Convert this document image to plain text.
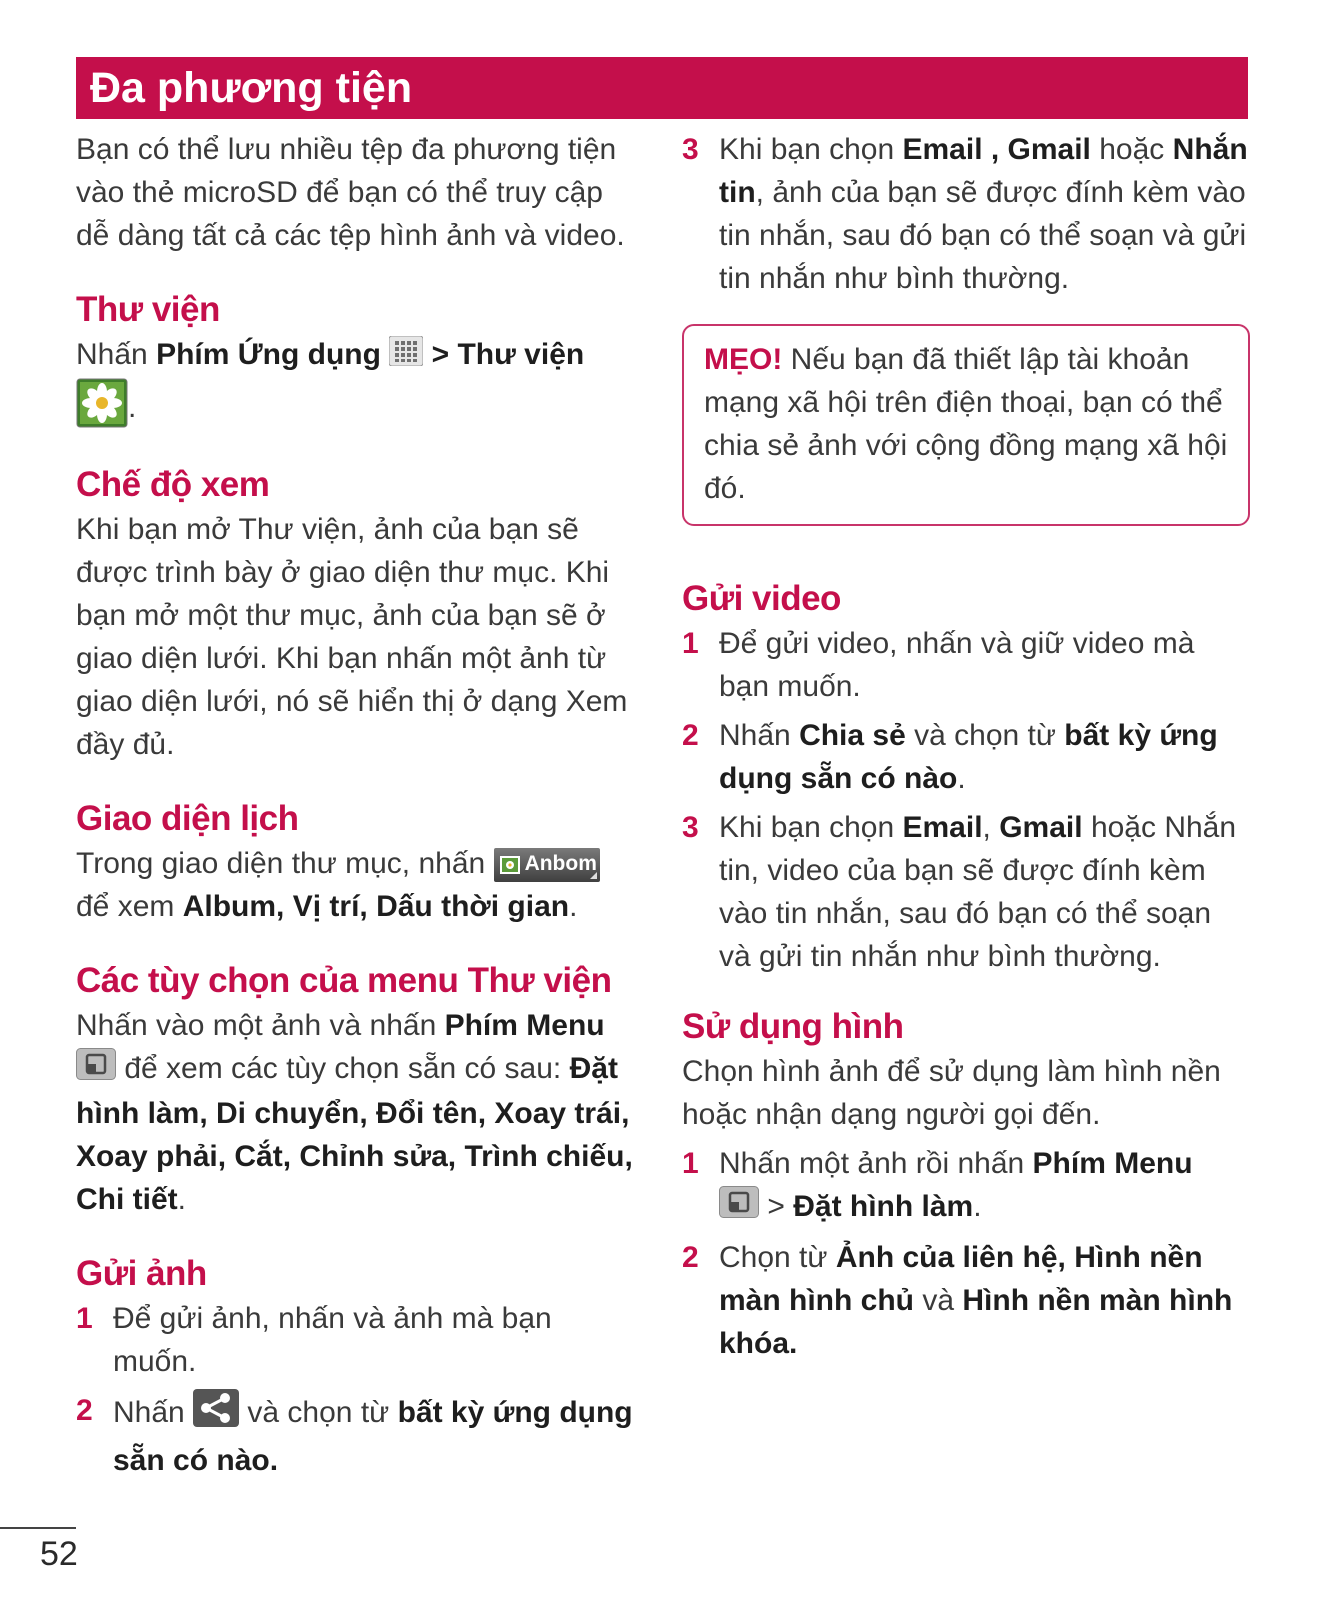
Đa phương tiện

Bạn có thể lưu nhiều tệp đa phương tiện vào thẻ microSD để bạn có thể truy cập dễ dàng tất cả các tệp hình ảnh và video.

Thư viện

Nhấn Phím Ứng dụng > Thư viện
.

Chế độ xem

Khi bạn mở Thư viện, ảnh của bạn sẽ được trình bày ở giao diện thư mục. Khi bạn mở một thư mục, ảnh của bạn sẽ ở giao diện lưới. Khi bạn nhấn một ảnh từ giao diện lưới, nó sẽ hiển thị ở dạng Xem đầy đủ.

Giao diện lịch

Trong giao diện thư mục, nhấn Anbom

để xem Album, Vị trí, Dấu thời gian.

Các tùy chọn của menu Thư viện

Nhấn vào một ảnh và nhấn Phím Menu
để xem các tùy chọn sẵn có sau: Đặt hình làm, Di chuyển, Đổi tên, Xoay trái, Xoay phải, Cắt, Chỉnh sửa, Trình chiếu, Chi tiết.

Gửi ảnh
1 Để gửi ảnh, nhấn và ảnh mà bạn muốn.
2 Nhấn và chọn từ bất kỳ ứng dụng sẵn có nào.
3 Khi bạn chọn Email , Gmail hoặc Nhắn tin, ảnh của bạn sẽ được đính kèm vào tin nhắn, sau đó bạn có thể soạn và gửi tin nhắn như bình thường.
MẸO! Nếu bạn đã thiết lập tài khoản mạng xã hội trên điện thoại, bạn có thể chia sẻ ảnh với cộng đồng mạng xã hội đó.
Gửi video
1 Để gửi video, nhấn và giữ video mà bạn muốn.
2 Nhấn Chia sẻ và chọn từ bất kỳ ứng dụng sẵn có nào.
3 Khi bạn chọn Email, Gmail hoặc Nhắn tin, video của bạn sẽ được đính kèm vào tin nhắn, sau đó bạn có thể soạn và gửi tin nhắn như bình thường.
Sử dụng hình

Chọn hình ảnh để sử dụng làm hình nền hoặc nhận dạng người gọi đến.

1 Nhấn một ảnh rồi nhấn Phím Menu
> Đặt hình làm.
2 Chọn từ Ảnh của liên hệ, Hình nền màn hình chủ và Hình nền màn hình khóa.
52
